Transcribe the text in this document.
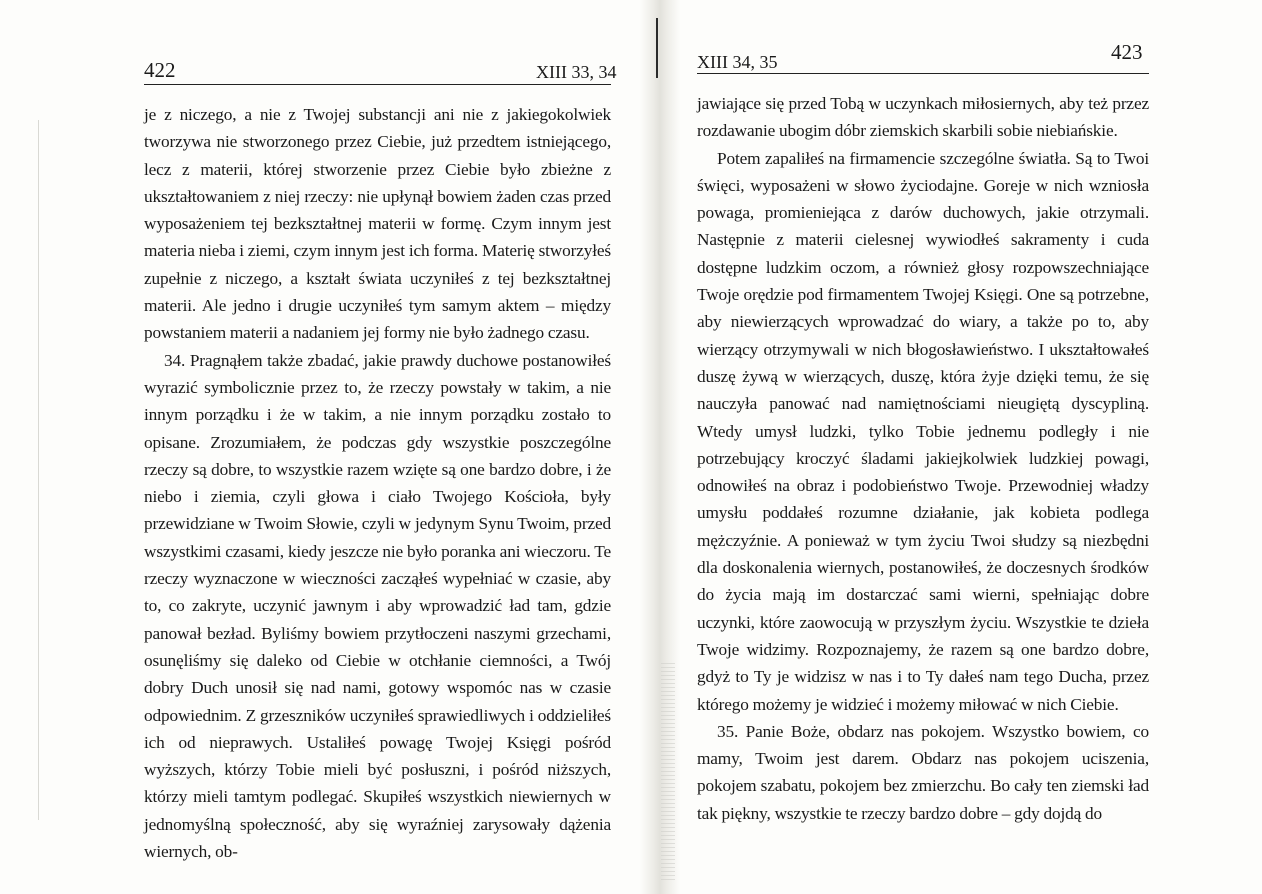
422	XIII 33, 34

je z niczego, a nie z Twojej substancji ani nie z jakiegokolwiek tworzywa nie stworzonego przez Ciebie, już przedtem istniejącego, lecz z materii, której stworzenie przez Ciebie było zbieżne z ukształtowaniem z niej rzeczy: nie upłynął bowiem żaden czas przed wyposażeniem tej bezkształtnej materii w formę. Czym innym jest materia nieba i ziemi, czym innym jest ich forma. Materię stworzyłeś zupełnie z niczego, a kształt świata uczyniłeś z tej bezkształtnej materii. Ale jedno i drugie uczyniłeś tym samym aktem – między powstaniem materii a nadaniem jej formy nie było żadnego czasu.

34. Pragnąłem także zbadać, jakie prawdy duchowe postanowiłeś wyrazić symbolicznie przez to, że rzeczy powstały w takim, a nie innym porządku i że w takim, a nie innym porządku zostało to opisane. Zrozumiałem, że podczas gdy wszystkie poszczególne rzeczy są dobre, to wszystkie razem wzięte są one bardzo dobre, i że niebo i ziemia, czyli głowa i ciało Twojego Kościoła, były przewidziane w Twoim Słowie, czyli w jedynym Synu Twoim, przed wszystkimi czasami, kiedy jeszcze nie było poranka ani wieczoru. Te rzeczy wyznaczone w wieczności zacząłeś wypełniać w czasie, aby to, co zakryte, uczynić jawnym i aby wprowadzić ład tam, gdzie panował bezład. Byliśmy bowiem przytłoczeni naszymi grzechami, osunęliśmy się daleko od Ciebie w otchłanie ciemności, a Twój dobry Duch unosił się nad nami, gotowy wspomóc nas w czasie odpowiednim. Z grzeszników uczyniłeś sprawiedliwych i oddzieliłeś ich od nieprawych. Ustaliłeś powagę Twojej Księgi pośród wyższych, którzy Tobie mieli być posłuszni, i pośród niższych, którzy mieli tamtym podlegać. Skupiłeś wszystkich niewiernych w jednomyślną społeczność, aby się wyraźniej zarysowały dążenia wiernych, ob-

XIII 34, 35	423

jawiające się przed Tobą w uczynkach miłosiernych, aby też przez rozdawanie ubogim dóbr ziemskich skarbili sobie niebiańskie.

Potem zapaliłeś na firmamencie szczególne światła. Są to Twoi święci, wyposażeni w słowo życiodajne. Goreje w nich wzniosła powaga, promieniejąca z darów duchowych, jakie otrzymali. Następnie z materii cielesnej wywiodłeś sakramenty i cuda dostępne ludzkim oczom, a również głosy rozpowszechniające Twoje orędzie pod firmamentem Twojej Księgi. One są potrzebne, aby niewierzących wprowadzać do wiary, a także po to, aby wierzący otrzymywali w nich błogosławieństwo. I ukształtowałeś duszę żywą w wierzących, duszę, która żyje dzięki temu, że się nauczyła panować nad namiętnościami nieugiętą dyscypliną. Wtedy umysł ludzki, tylko Tobie jednemu podległy i nie potrzebujący kroczyć śladami jakiejkolwiek ludzkiej powagi, odnowiłeś na obraz i podobieństwo Twoje. Przewodniej władzy umysłu poddałeś rozumne działanie, jak kobieta podlega mężczyźnie. A ponieważ w tym życiu Twoi słudzy są niezbędni dla doskonalenia wiernych, postanowiłeś, że doczesnych środków do życia mają im dostarczać sami wierni, spełniając dobre uczynki, które zaowocują w przyszłym życiu. Wszystkie te dzieła Twoje widzimy. Rozpoznajemy, że razem są one bardzo dobre, gdyż to Ty je widzisz w nas i to Ty dałeś nam tego Ducha, przez którego możemy je widzieć i możemy miłować w nich Ciebie.

35. Panie Boże, obdarz nas pokojem. Wszystko bowiem, co mamy, Twoim jest darem. Obdarz nas pokojem uciszenia, pokojem szabatu, pokojem bez zmierzchu. Bo cały ten ziemski ład tak piękny, wszystkie te rzeczy bardzo dobre – gdy dojdą do
